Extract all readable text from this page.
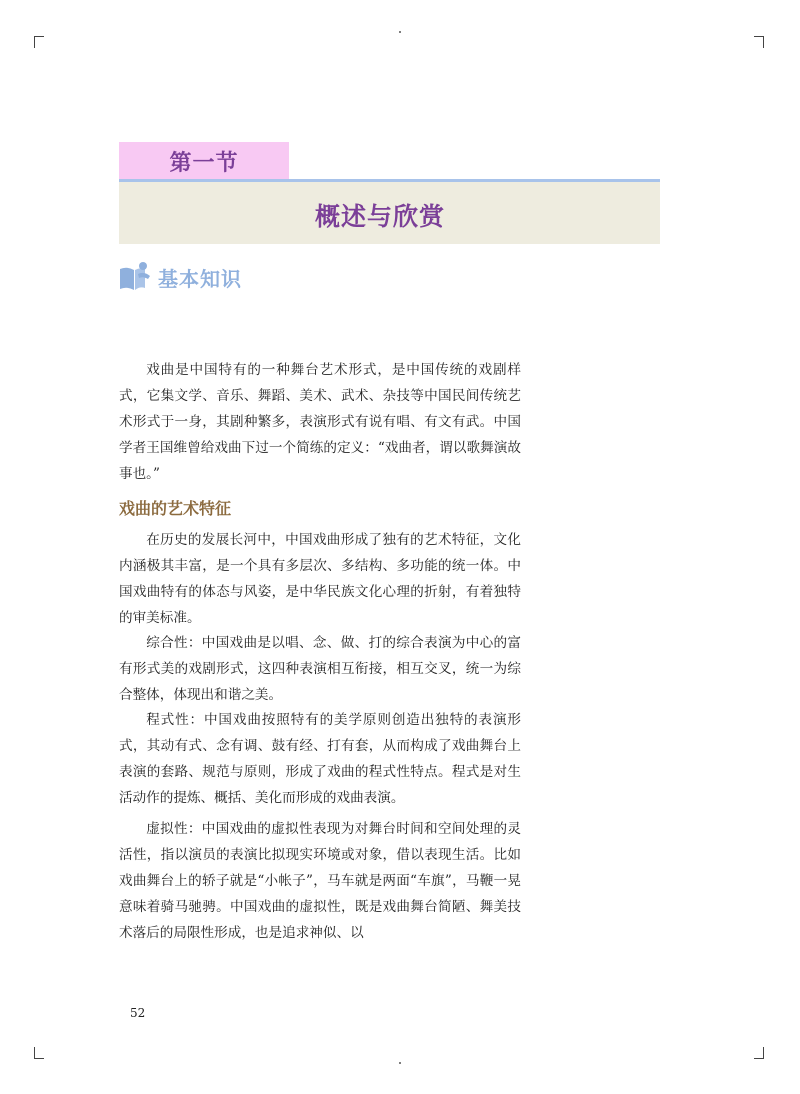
第一节
概述与欣赏
基本知识

戏曲是中国特有的一种舞台艺术形式，是中国传统的戏剧样式，它集文学、音乐、舞蹈、美术、武术、杂技等中国民间传统艺术形式于一身，其剧种繁多，表演形式有说有唱、有文有武。中国学者王国维曾给戏曲下过一个简练的定义：“戏曲者，谓以歌舞演故事也。”

戏曲的艺术特征

在历史的发展长河中，中国戏曲形成了独有的艺术特征，文化内涵极其丰富，是一个具有多层次、多结构、多功能的统一体。中国戏曲特有的体态与风姿，是中华民族文化心理的折射，有着独特的审美标准。

综合性：中国戏曲是以唱、念、做、打的综合表演为中心的富有形式美的戏剧形式，这四种表演相互衔接，相互交叉，统一为综合整体，体现出和谐之美。

程式性：中国戏曲按照特有的美学原则创造出独特的表演形式，其动有式、念有调、鼓有经、打有套，从而构成了戏曲舞台上表演的套路、规范与原则，形成了戏曲的程式性特点。程式是对生活动作的提炼、概括、美化而形成的戏曲表演。

虚拟性：中国戏曲的虚拟性表现为对舞台时间和空间处理的灵活性，指以演员的表演比拟现实环境或对象，借以表现生活。比如戏曲舞台上的轿子就是“小帐子”，马车就是两面“车旗”，马鞭一晃意味着骑马驰骋。中国戏曲的虚拟性，既是戏曲舞台简陋、舞美技术落后的局限性形成，也是追求神似、以

52
